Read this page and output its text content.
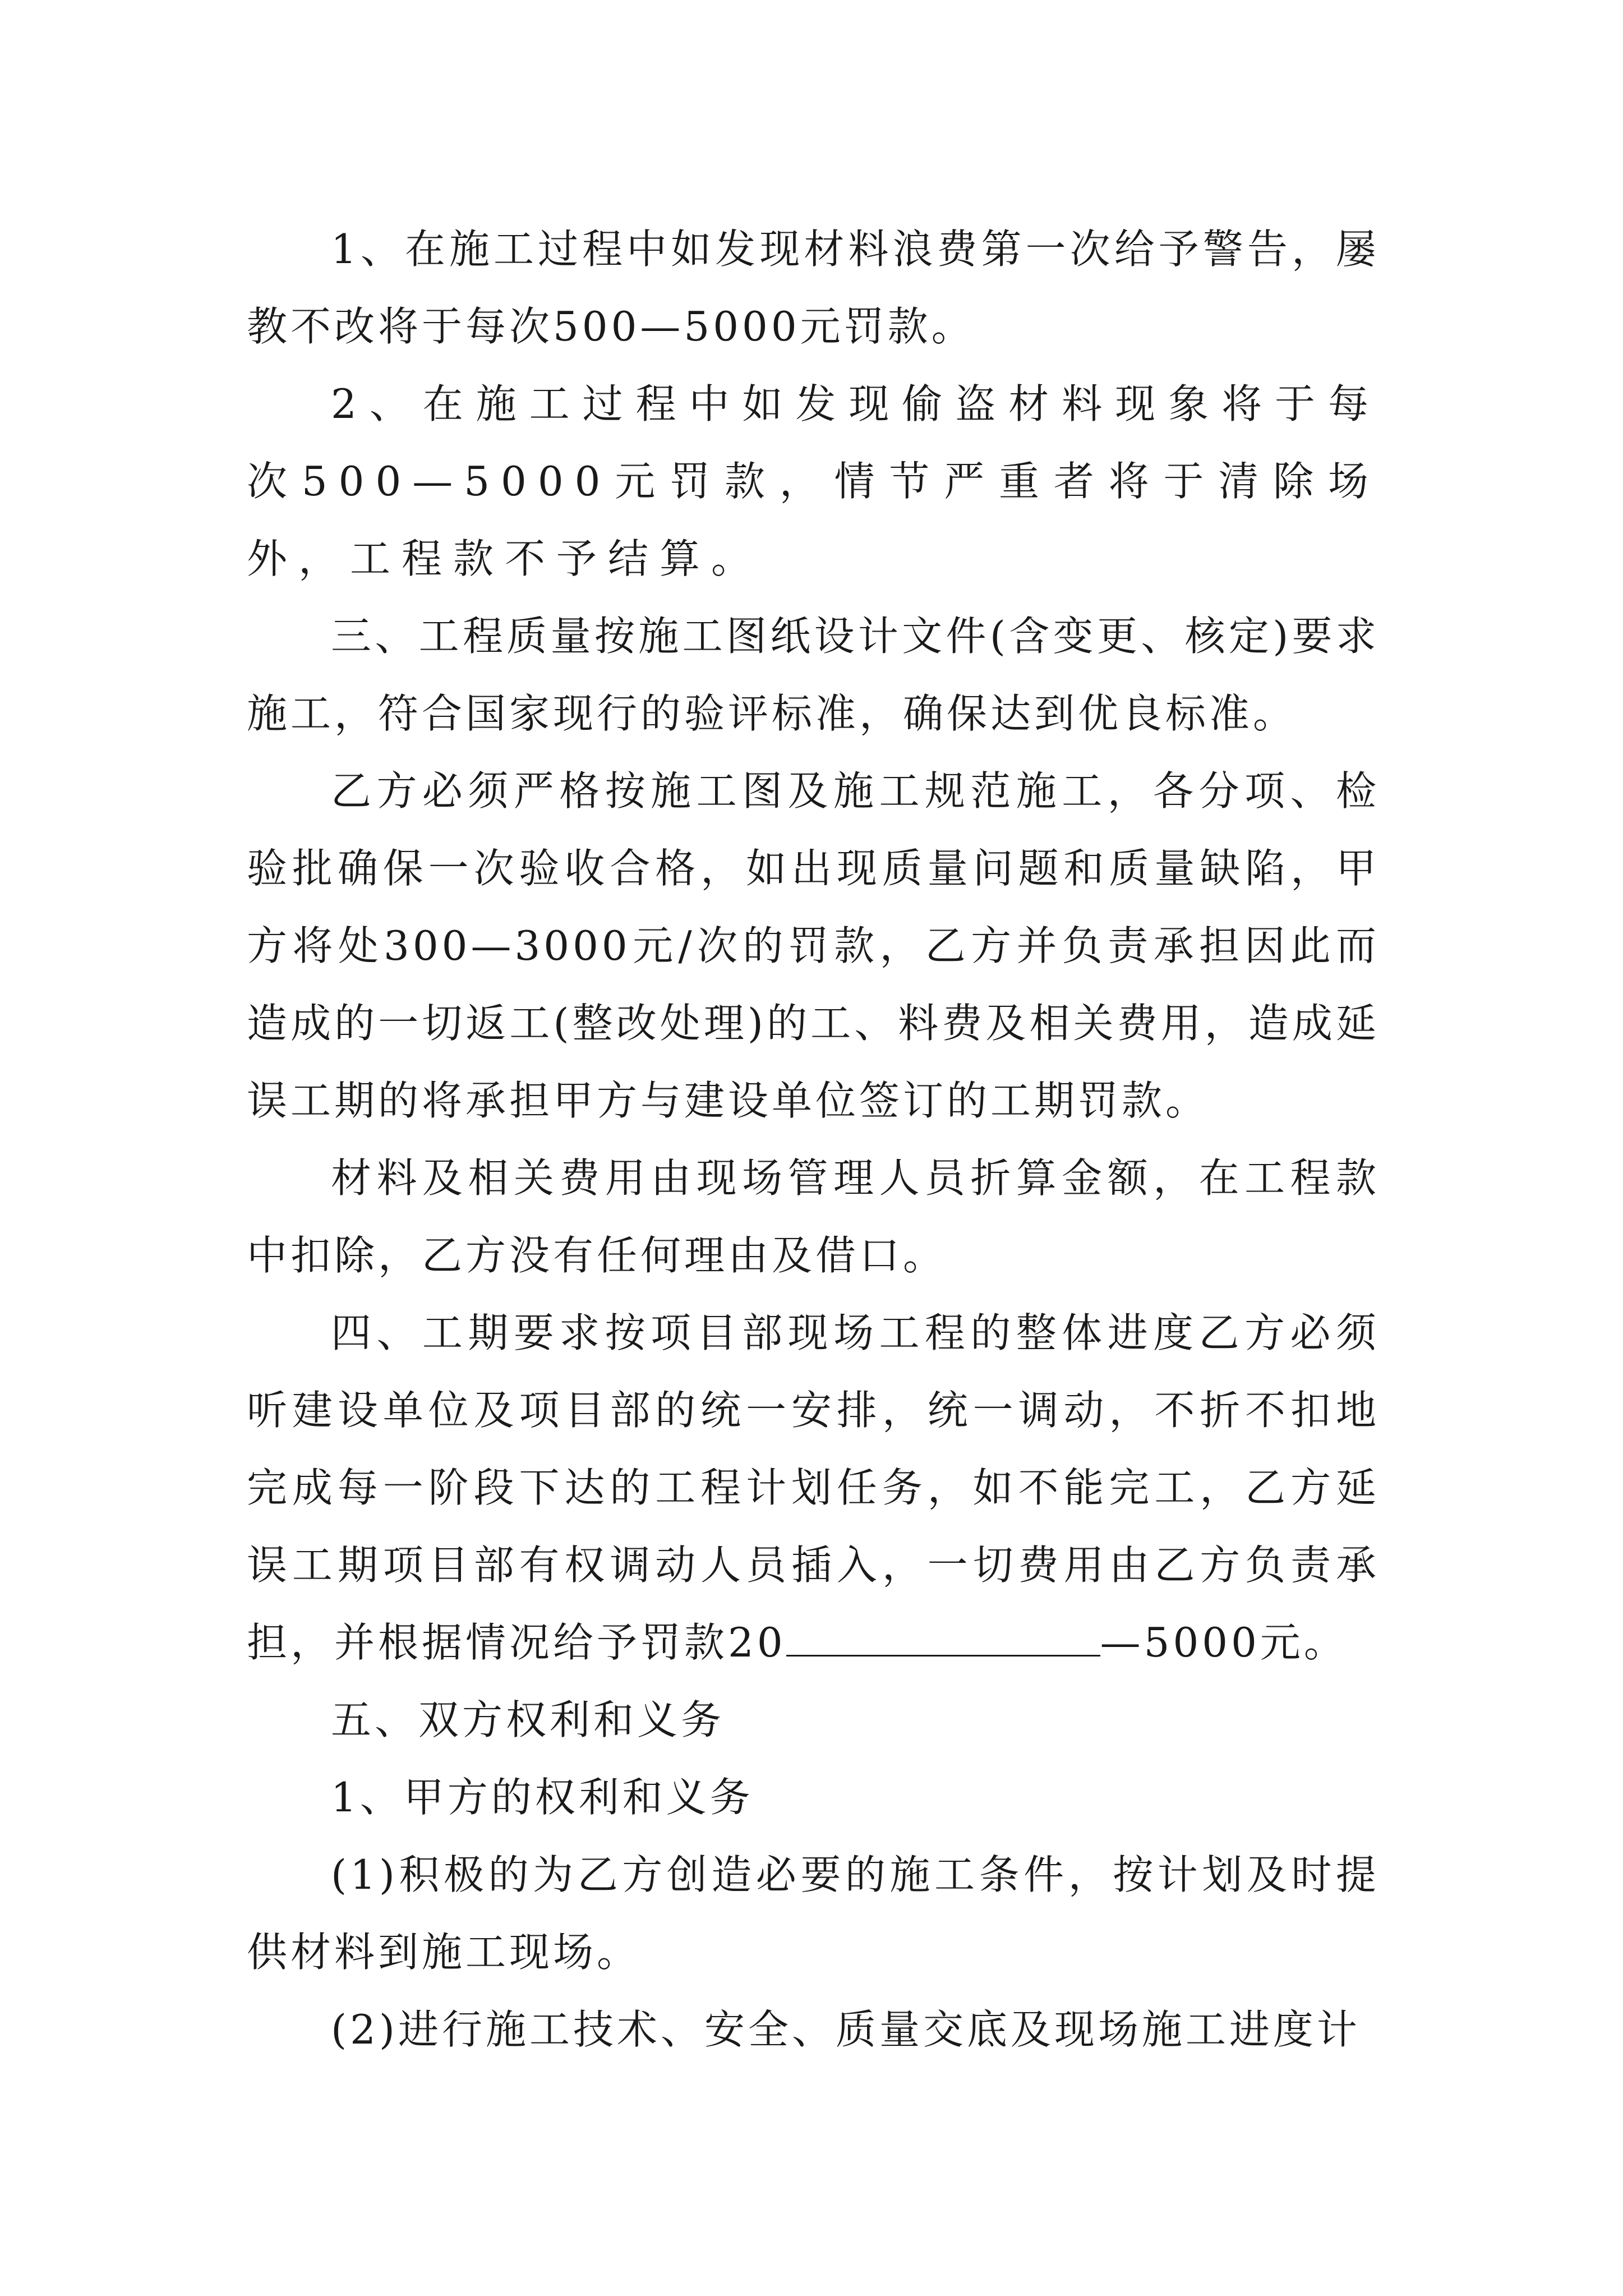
1、在施工过程中如发现材料浪费第一次给予警告，屡教不改将于每次500—5000元罚款。

2、在施工过程中如发现偷盗材料现象将于每次500—5000元罚款，情节严重者将于清除场外，工程款不予结算。

三、工程质量按施工图纸设计文件(含变更、核定)要求施工，符合国家现行的验评标准，确保达到优良标准。

乙方必须严格按施工图及施工规范施工，各分项、检验批确保一次验收合格，如出现质量问题和质量缺陷，甲方将处300—3000元/次的罚款，乙方并负责承担因此而造成的一切返工(整改处理)的工、料费及相关费用，造成延误工期的将承担甲方与建设单位签订的工期罚款。

材料及相关费用由现场管理人员折算金额，在工程款中扣除，乙方没有任何理由及借口。

四、工期要求按项目部现场工程的整体进度乙方必须听建设单位及项目部的统一安排，统一调动，不折不扣地完成每一阶段下达的工程计划任务，如不能完工，乙方延误工期项目部有权调动人员插入，一切费用由乙方负责承担，并根据情况给予罚款20	—5000元。

五、双方权利和义务

1、甲方的权利和义务

(1)积极的为乙方创造必要的施工条件，按计划及时提供材料到施工现场。

(2)进行施工技术、安全、质量交底及现场施工进度计
